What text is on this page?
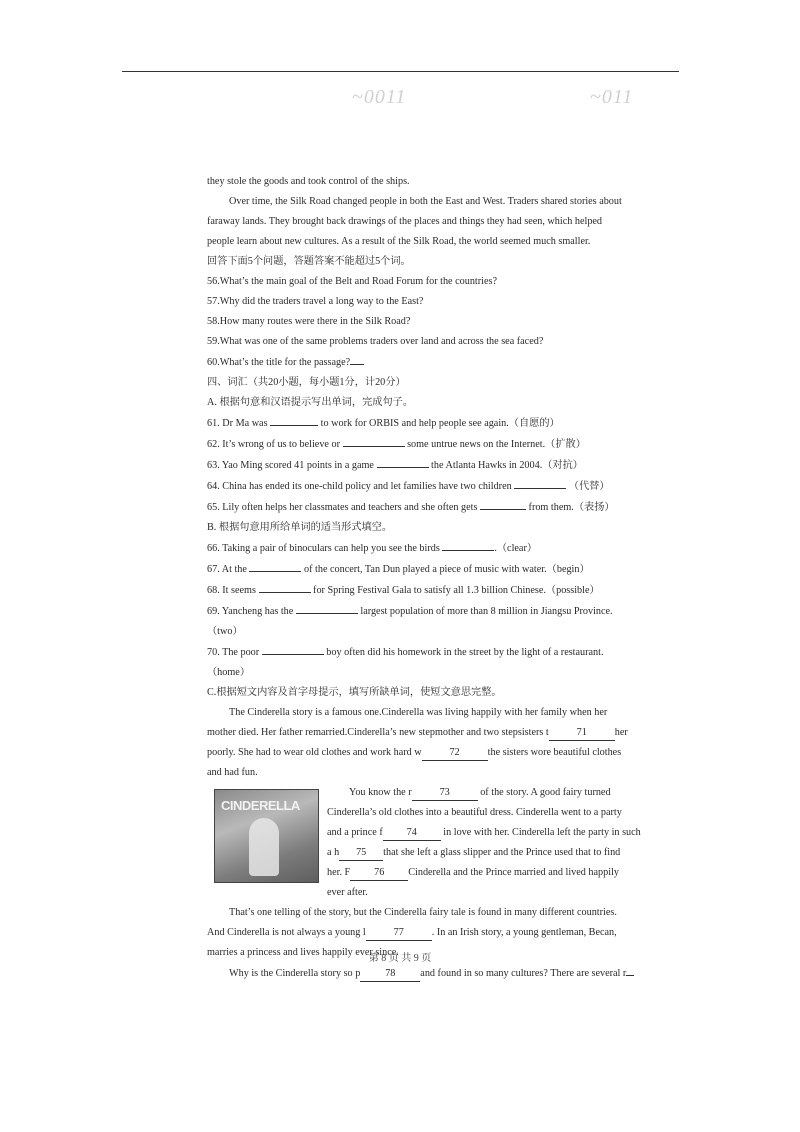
~0011	~011
they stole the goods and took control of the ships.
Over time, the Silk Road changed people in both the East and West. Traders shared stories about
faraway lands. They brought back drawings of the places and things they had seen, which helped
people learn about new cultures. As a result of the Silk Road, the world seemed much smaller.
回答下面5个问题，答题答案不能超过5个词。
56.What’s the main goal of the Belt and Road Forum for the countries?
57.Why did the traders travel a long way to the East?
58.How many routes were there in the Silk Road?
59.What was one of the same problems traders over land and across the sea faced?
60.What’s the title for the passage?
四、词汇（共20小题，每小题1分，计20分）
A. 根据句意和汉语提示写出单词，完成句子。
61. Dr Ma was	to work for ORBIS and help people see again.（自愿的）
62. It’s wrong of us to believe or	some untrue news on the Internet.（扩散）
63. Yao Ming scored 41 points in a game	the Atlanta Hawks in 2004.（对抗）
64. China has ended its one-child policy and let families have two children	（代替）
65. Lily often helps her classmates and teachers and she often gets	from them.（表扬）
B. 根据句意用所给单词的适当形式填空。
66. Taking a pair of binoculars can help you see the birds	.（clear）
67. At the	of the concert, Tan Dun played a piece of music with water.（begin）
68. It seems	for Spring Festival Gala to satisfy all 1.3 billion Chinese.（possible）
69. Yancheng has the	largest population of more than 8 million in Jiangsu Province.
（two）
70. The poor	boy often did his homework in the street by the light of a restaurant.
（home）
C.根据短文内容及首字母提示，填写所缺单词，使短文意思完整。
The Cinderella story is a famous one.Cinderella was living happily with her family when her
mother died. Her father remarried.Cinderella’s new stepmother and two stepsisters t	71	her
poorly. She had to wear old clothes and work hard w	72	the sisters wore beautiful clothes
and had fun.
CINDERELLA
You know the r	73	of the story. A good fairy turned
Cinderella’s old clothes into a beautiful dress. Cinderella went to a party
and a prince f 74	in love with her. Cinderella left the party in such
a h 75 that she left a glass slipper and the Prince used that to find
her. F 76 Cinderella and the Prince married and lived happily
ever after.
That’s one telling of the story, but the Cinderella fairy tale is found in many different countries.
And Cinderella is not always a young l	77	. In an Irish story, a young gentleman, Becan,
marries a princess and lives happily ever since.
Why is the Cinderella story so p 78 and found in so many cultures? There are several r
第 8 页 共 9 页
